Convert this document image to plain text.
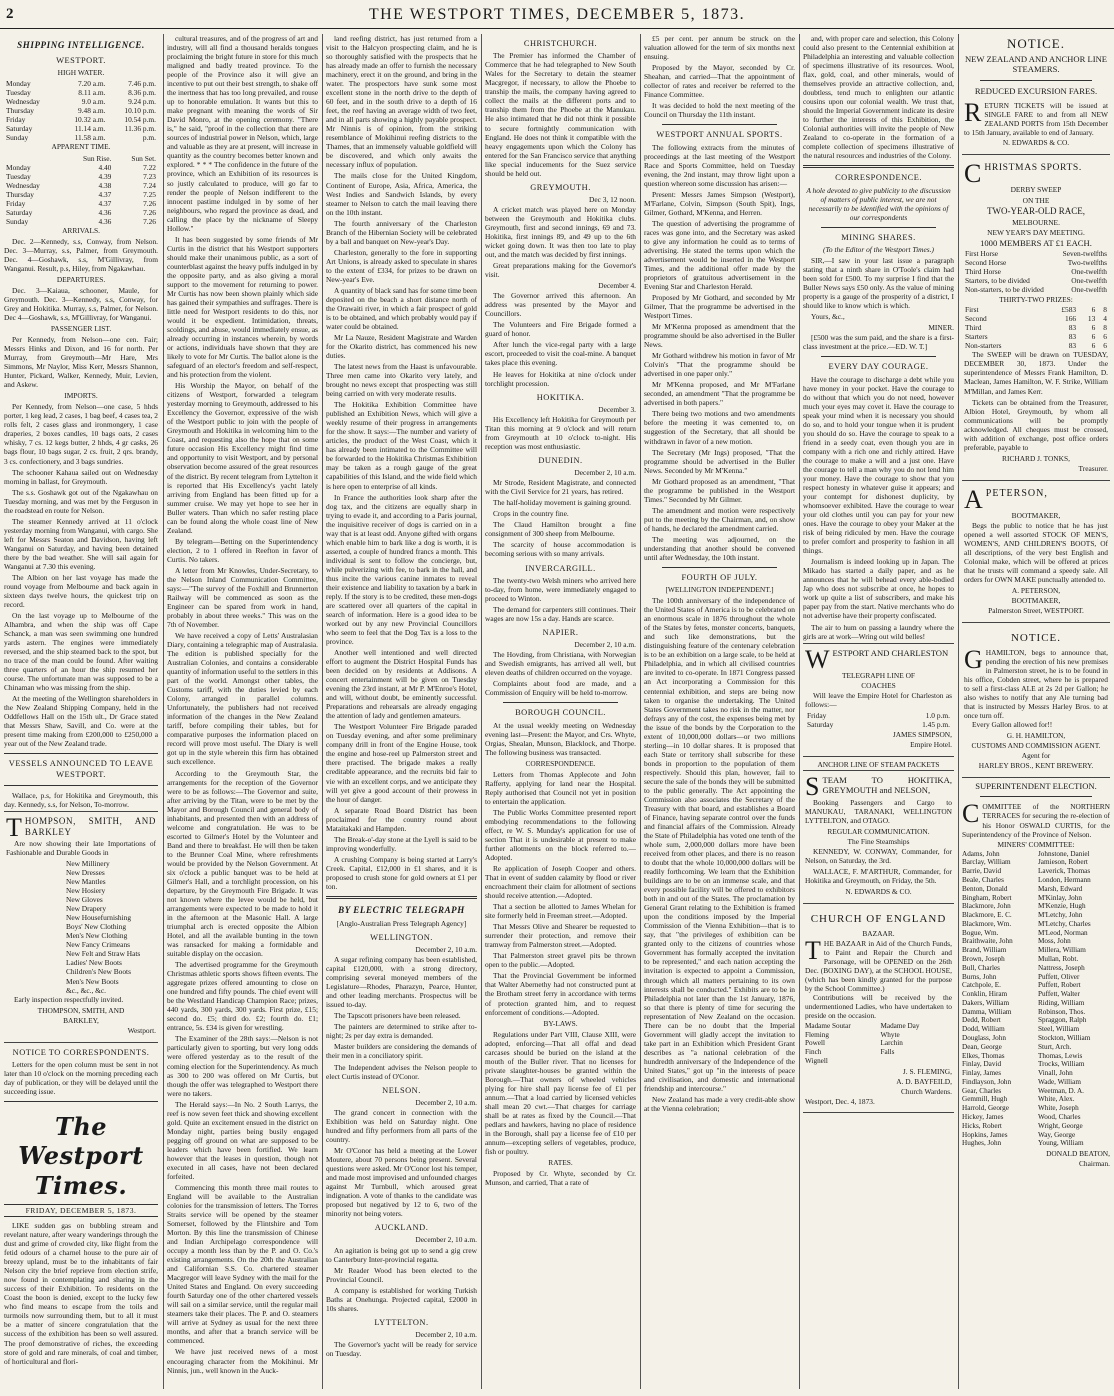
2	THE WESTPORT TIMES, DECEMBER 5, 1873.
SHIPPING INTELLIGENCE.
WESTPORT.
HIGH WATER.
Monday	7.20 a.m.	7.46 p.m.
Tuesday	8.11 a.m.	8.36 p.m.
Wednesday	9.0 a.m.	9.24 p.m.
Thursday	9.48 a.m.	10.10 p.m.
Friday	10.32 a.m.	10.54 p.m.
Saturday	11.14 a.m.	11.36 p.m.
Sunday	11.58 a.m.	p.m.
APPARENT TIME.
	Sun Rise.	Sun Set.
Monday	4.40	7.22
Tuesday	4.39	7.23
Wednesday	4.38	7.24
Thursday	4.37	7.25
Friday	4.37	7.26
Saturday	4.36	7.26
Sunday	4.36	7.26
ARRIVALS.

Dec. 2—Kennedy, s.s, Conway, from Nelson. Dec. 3—Murray, s.s, Palmer, from Greymouth. Dec. 4—Goshawk, s.s, M'Gillivray, from Wanganui. Result, p.s, Hiley, from Ngakawhau.

DEPARTURES.

Dec. 3—Kaiaua, schooner, Maule, for Greymouth. Dec. 3—Kennedy, s.s, Conway, for Grey and Hokitika. Murray, s.s, Palmer, for Nelson. Dec 4—Goshawk, s.s, M'Gillivray, for Wanganui.

PASSENGER LIST.

Per Kennedy, from Nelson—one cen. Fair; Messrs Hinks and Dixon, and 16 for north. Per Murray, from Greymouth—Mr Hare, Mrs Simmons, Mr Naylor, Miss Kerr, Messrs Shannon, Hunter, Pickard, Walker, Kennedy, Muir, Levien, and Askew.

IMPORTS.

Per Kennedy, from Nelson—one case, 5 hhds porter, 1 keg lead, 2 cases, 1 bag beef, 4 cases tea, 2 rolls felt, 2 cases glass and ironmongery, 1 case draperies, 2 boxes candles, 10 bags oats, 2 cases whisky, 7 cs. 12 kegs butter, 2 hhds, 4 gr casks, 26 bags flour, 10 bags sugar, 2 cs. fruit, 2 qrs. brandy, 3 cs. confectionery, and 3 bags sundries.

The schooner Kahaua sailed out on Wednesday morning in ballast, for Greymouth.

The s.s. Goshawk got out of the Ngakawhau on Tuesday morning, and was met by the Ferguson in the roadstead en route for Nelson.

The steamer Kennedy arrived at 11 o'clock yesterday morning from Wanganui, with cargo. She left for Messrs Seaton and Davidson, having left Wanganui on Saturday, and having been detained there by the bad weather. She will sail again for Wanganui at 7.30 this evening.

The Albion on her last voyage has made the round voyage from Melbourne and back again in sixteen days twelve hours, the quickest trip on record.

On the last voyage up to Melbourne of the Alhambra, and when the ship was off Cape Schanck, a man was seen swimming one hundred yards astern. The engines were immediately reversed, and the ship steamed back to the spot, but no trace of the man could be found. After waiting three quarters of an hour the ship resumed her course. The unfortunate man was supposed to be a Chinaman who was missing from the ship.

At the meeting of the Wellington shareholders in the New Zealand Shipping Company, held in the Oddfellows Hall on the 15th ult., Dr Grace stated that Messrs Shaw, Savill, and Co. were at the present time making from £200,000 to £250,000 a year out of the New Zealand trade.

VESSELS ANNOUNCED TO LEAVE WESTPORT.

Wallace, p.s, for Hokitika and Greymouth, this day. Kennedy, s.s, for Nelson, To-morrow.

THOMPSON, SMITH, AND BARKLEY

Are now showing their late Importations of Fashionable and Durable Goods in

New Millinery
New Dresses
New Mantles
New Hosiery
New Gloves
New Drapery
New Housefurnishing
Boys' New Clothing
Men's New Clothing
New Fancy Crimeans
New Felt and Straw Hats
Ladies' New Boots
Children's New Boots
Men's New Boots
&c., &c., &c.

Early inspection respectfully invited.

THOMPSON, SMITH, AND
BARKLEY,
Westport.
NOTICE TO CORRESPONDENTS.

Letters for the open column must be sent in not later than 10 o'clock on the morning preceding each day of publication, or they will be delayed until the succeeding issue.

The Westport Times.
FRIDAY, DECEMBER 5, 1873.

LIKE sudden gas on bubbling stream and revelant nature, after weary wanderings through the dust and grime of crowded city, like flight from the fetid odours of a charnel house to the pure air of breezy upland, must be to the inhabitants of fair Nelson city the brief reprieve from election strife, now found in contemplating and sharing in the success of their Exhibition. To residents on the Coast the boon is denied, except to the lucky few who find means to escape from the toils and turmoils now surrounding them, but to all it must be a matter of sincere congratulation that the success of the exhibition has been so well assured. The proof demonstrative of riches, the exceeding store of gold and rare minerals, of coal and timber, of horticultural and flori-

cultural treasures, and of the progress of art and industry, will all find a thousand heralds tongues proclaiming the bright future in store for this much maligned and badly treated province. To the people of the Province also it will give an incentive to put out their best strength, to shake off the inertness that has too long prevailed, and rouse up to honorable emulation. It wants but this to make pregnant with meaning the words of Sir David Monro, at the opening ceremony. "There is," he said, "proof in the collection that there are sources of industrial power in Nelson, which, large and valuable as they are at present, will increase in quantity as the country becomes better known and explored. * * * The confidence in the future of the province, which an Exhibition of its resources is so justly calculated to produce, will go far to render the people of Nelson indifferent to the innocent pastime indulged in by some of her neighbours, who regard the province as dead, and calling the place by the nickname of Sleepy Hollow."

It has been suggested by some friends of Mr Curtis in the district that his Westport supporters should make their unanimous public, as a sort of counterblast against the heavy puffs indulged in by the opposite party, and as also giving a moral support to the movement for returning to power. Mr Curtis has now been shown plainly which side has gained their sympathies and suffrages. There is little need for Westport residents to do this, nor would it be expedient. Intimidation, threats, scoldings, and abuse, would immediately ensue, as already occurring in instances wherein, by words or actions, individuals have shown that they are likely to vote for Mr Curtis. The ballot alone is the safeguard of an elector's freedom and self-respect, and his protection from the violent.

His Worship the Mayor, on behalf of the citizens of Westport, forwarded a telegram yesterday morning to Greymouth, addressed to his Excellency the Governor, expressive of the wish of the Westport public to join with the people of Greymouth and Hokitika in welcoming him to the Coast, and requesting also the hope that on some future occasion His Excellency might find time and opportunity to visit Westport, and by personal observation become assured of the great resources of the district. By recent telegram from Lyttelton it is reported that His Excellency's yacht lately arriving from England has been fitted up for a summer cruise. We may yet hope to see her in Buller waters. Than which no safer resting place can be found along the whole coast line of New Zealand.

By telegram—Betting on the Superintendency election, 2 to 1 offered in Reefton in favor of Curtis. No takers.

A letter from Mr Knowles, Under-Secretary, to the Nelson Inland Communication Committee, says:—"The survey of the Foxhill and Brunnerton Railway will be commenced as soon as the Engineer can be spared from work in hand, probably in about three weeks." This was on the 7th of November.

We have received a copy of Letts' Australasian Diary, containing a telegraphic map of Australasia. The edition is published specially for the Australian Colonies, and contains a considerable quantity of information useful to the settlers in this part of the world. Amongst other tables, the Customs tariff, with the duties levied by each Colony, arranged in parallel columns. Unfortunately, the publishers had not received information of the changes in the New Zealand tariff, before compiling their tables, but for comparative purposes the information placed on record will prove most useful. The Diary is well got up in the style wherein this firm has obtained such excellence.

According to the Greymouth Star, the arrangements for the reception of the Governor were to be as follows:—The Governor and suite, after arriving by the Titan, were to be met by the Mayor and Borough Council and general body of inhabitants, and presented then with an address of welcome and congratulation. He was to be escorted to Gilmer's Hotel by the Volunteer and Band and there to breakfast. He will then be taken to the Brunner Coal Mine, where refreshments would be provided by the Nelson Government. At six o'clock a public banquet was to be held at Gilmer's Hall, and a torchlight procession, on his departure, by the Greymouth Fire Brigade. It was not known where the levee would be held, but arrangements were expected to be made to hold it in the afternoon at the Masonic Hall. A large triumphal arch is erected opposite the Albion Hotel, and all the available bunting in the town was ransacked for making a formidable and suitable display on the occasion.

The advertised programme for the Greymouth Christmas athletic sports shows fifteen events. The aggregate prizes offered amounting to close on one hundred and fifty pounds. The chief event will be the Westland Handicap Champion Race; prizes, 440 yards, 300 yards, 300 yards. First prize, £15; second do. £5; third do. £2; fourth do. £1; entrance, 5s. £34 is given for wrestling.

The Examiner of the 28th says:—Nelson is not particularly given to sporting, but very long odds were offered yesterday as to the result of the coming election for the Superintendency. As much as 300 to 200 was offered on Mr Curtis, but though the offer was telegraphed to Westport there were no takers.

The Herald says:—In No. 2 South Larrys, the reef is now seven feet thick and showing excellent gold. Quite an excitement ensued in the district on Monday night, parties being busily engaged pegging off ground on what are supposed to be leaders which have been fortified. We learn however that the leases in question, though not executed in all cases, have not been declared forfeited.

Commencing this month three mail routes to England will be available to the Australian colonies for the transmission of letters. The Torres Straits service will be opened by the steamer Somerset, followed by the Flintshire and Tom Morton. By this line the transmission of Chinese and Indian Archipelago correspondence will occupy a month less than by the P. and O. Co.'s existing arrangements. On the 20th the Australian and Californian S.S. Co. chartered steamer Macgregor will leave Sydney with the mail for the United States and England. On every succeeding fourth Saturday one of the other chartered vessels will sail on a similar service, until the regular mail steamers take their places. The P. and O. steamers will arrive at Sydney as usual for the next three months, and after that a branch service will be commenced.

We have just received news of a most encouraging character from the Mokihinui. Mr Ninnis, jun., well known in the Auck-

land reefing district, has just returned from a visit to the Halcyon prospecting claim, and he is so thoroughly satisfied with the prospects that he has already made an offer to furnish the necessary machinery, erect it on the ground, and bring in the water. The prospectors have sunk some most excellent stone in the north drive to the depth of 60 feet, and in the south drive to a depth of 16 feet, the reef having an average width of two feet, and in all parts showing a highly payable prospect. Mr Ninnis is of opinion, from the striking resemblance of Mokihinui reefing districts to the Thames, that an immensely valuable goldfield will be discovered, and which only awaits the necessary influx of population.

The mails close for the United Kingdom, Continent of Europe, Asia, Africa, America, the West Indies and Sandwich Islands, by every steamer to Nelson to catch the mail leaving there on the 10th instant.

The fourth anniversary of the Charleston Branch of the Hibernian Society will be celebrated by a ball and banquet on New-year's Day.

Charleston, generally to the fore in supporting Art Unions, is already asked to speculate in shares to the extent of £334, for prizes to be drawn on New-year's Eve.

A quantity of black sand has for some time been deposited on the beach a short distance north of the Orawaiti river, in which a fair prospect of gold is to be obtained, and which probably would pay if water could be obtained.

Mr La Nauze, Resident Magistrate and Warden for the Okarito district, has commenced his new duties.

The latest news from the Haast is unfavourable. Three men came into Okarito very lately, and brought no news except that prospecting was still being carried on with very moderate results.

The Hokitika Exhibition Committee have published an Exhibition News, which will give a weekly resume of their progress in arrangements for the show. It says:—The number and variety of articles, the product of the West Coast, which it has already been intimated to the Committee will be forwarded to the Hokitika Christmas Exhibition may be taken as a rough gauge of the great capabilities of this Island, and the wide field which is here open to enterprise of all kinds.

In France the authorities look sharp after the dog tax, and the citizens are equally sharp in trying to evade it, and according to a Paris journal, the inquisitive receiver of dogs is carried on in a way that is at least odd. Anyone gifted with organs which enable him to bark like a dog is worth, it is asserted, a couple of hundred francs a month. This individual is sent to follow the concierge, but, while pulverizing with fee, to bark in the hall, and thus incite the various canine inmates to reveal their existence and liability to taxation by a bark in reply. If the story is to be credited, these men-dogs are scattered over all quarters of the capital in search of information. Here is a good idea to be worked out by any new Provincial Councillors who seem to feel that the Dog Tax is a loss to the province.

Another well intentioned and well directed effort to augment the District Hospital Funds has been decided on by residents at Addisons. A concert entertainment will be given on Tuesday evening the 23rd instant, at Mr P. M'Enroe's Hotel, and will, without doubt, be eminently successful. Preparations and rehearsals are already engaging the attention of lady and gentlemen amateurs.

The Westport Volunteer Fire Brigade paraded on Tuesday evening, and after some preliminary company drill in front of the Engine House, took the engine and hose-reel up Palmerston street and there practised. The brigade makes a really creditable appearance, and the recruits bid fair to vie with an excellent corps, and we anticipate they will yet give a good account of their prowess in the hour of danger.

A separate Road Board District has been proclaimed for the country round about Mataitakaki and Hampden.

The Break-o'-day stone at the Lyell is said to be improving wonderfully.

A crushing Company is being started at Larry's Creek. Capital, £12,000 in £1 shares, and it is proposed to crush stone for gold owners at £1 per ton.

BY ELECTRIC TELEGRAPH
[Anglo-Australian Press Telegraph Agency]
WELLINGTON.
December 2, 10 a.m.

A sugar refining company has been established, capital £120,000, with a strong directory, comprising several moneyed members of the Legislature—Rhodes, Pharazyn, Pearce, Hunter, and other leading merchants. Prospectus will be issued to-day.

The Tapscott prisoners have been released.

The painters are determined to strike after to-night; 2s per day extra is demanded.

Master builders are considering the demands of their men in a conciliatory spirit.

The Independent advises the Nelson people to elect Curtis instead of O'Conor.

NELSON.
December 2, 10 a.m.

The grand concert in connection with the Exhibition was held on Saturday night. One hundred and fifty performers from all parts of the country.

Mr O'Conor has held a meeting at the Lower Moutere, about 70 persons being present. Several questions were asked. Mr O'Conor lost his temper, and made most improvised and unfounded charges against Mr Turnbull, which aroused great indignation. A vote of thanks to the candidate was proposed but negatived by 12 to 6, two of the minority not being voters.

AUCKLAND.
December 2, 10 a.m.

An agitation is being got up to send a gig crew to Canterbury Inter-provincial regatta.

Mr Reader Wood has been elected to the Provincial Council.

A company is established for working Turkish Baths at Onehunga. Projected capital, £2000 in 10s shares.

LYTTELTON.
December 2, 10 a.m.

The Governor's yacht will be ready for service on Tuesday.

CHRISTCHURCH.

The Premier has informed the Chamber of Commerce that he had telegraphed to New South Wales for the Secretary to detain the steamer Macgregor, if necessary, to allow the Phoebe to tranship the mails, the company having agreed to collect the mails at the different ports and to tranship them from the Phoebe at the Manukau. He also intimated that he did not think it possible to secure fortnightly communication with England. He does not think it compatible with the heavy engagements upon which the Colony has entered for the San Francisco service that anything like special inducements for the Suez service should be held out.

GREYMOUTH.
Dec 3, 12 noon.

A cricket match was played here on Monday between the Greymouth and Hokitika clubs. Greymouth, first and second innings, 69 and 73. Hokitika, first innings 89, and 49 up to the 6th wicket going down. It was then too late to play out, and the match was decided by first innings.

Great preparations making for the Governor's visit.

December 4.

The Governor arrived this afternoon. An address was presented by the Mayor and Councillors.

The Volunteers and Fire Brigade formed a guard of honor.

After lunch the vice-regal party with a large escort, proceeded to visit the coal-mine. A banquet takes place this evening.

He leaves for Hokitika at nine o'clock under torchlight procession.

HOKITIKA.
December 3.

His Excellency left Hokitika for Greymouth per Titan this morning at 9 o'clock and will return from Greymouth at 10 o'clock to-night. His reception was most enthusiastic.

DUNEDIN.
December 2, 10 a.m.

Mr Strode, Resident Magistrate, and connected with the Civil Service for 21 years, has retired.

The half-holiday movement is gaining ground.

Crops in the country fine.

The Claud Hamilton brought a fine consignment of 300 sheep from Melbourne.

The scarcity of house accommodation is becoming serious with so many arrivals.

INVERCARGILL.

The twenty-two Welsh miners who arrived here to-day, from home, were immediately engaged to proceed to Winton.

The demand for carpenters still continues. Their wages are now 15s a day. Hands are scarce.

NAPIER.
December 2, 10 a.m.

The Hovding, from Christiana, with Norwegian and Swedish emigrants, has arrived all well, but eleven deaths of children occurred on the voyage.

Complaints about food are made, and a Commission of Enquiry will be held to-morrow.

BOROUGH COUNCIL.

At the usual weekly meeting on Wednesday evening last—Present: the Mayor, and Crs. Whyte, Orgias, Shealan, Munson, Blacklock, and Thorpe. The following business was transacted.

CORRESPONDENCE.

Letters from Thomas Applecote and John Rafferty, applying for land near the Hospital. Reply authorised that Council not yet in position to entertain the application.

The Public Works Committee presented report embodying recommendations to the following effect, re W. S. Munday's application for use of section That it is undesirable at present to make further allotments on the block referred to.—Adopted.

Re application of Joseph Cooper and others. That in event of sudden calamity by flood or river encroachment their claim for allotment of sections should receive attention.—Adopted.

That a section be allotted to James Whelan for site formerly held in Freeman street.—Adopted.

That Messrs Olive and Shearer be requested to surrender their protection, and remove their tramway from Palmerston street.—Adopted.

That Palmerston street gravel pits be thrown open to the public.—Adopted.

That the Provincial Government be informed that Walter Abernethy had not constructed punt at the Brotham street ferry in accordance with terms of protection granted him, and to request enforcement of conditions.—Adopted.

BY-LAWS.

Regulations under Part VIII, Clause XIII, were adopted, enforcing—That all offal and dead carcases should be buried on the island at the mouth of the Buller river. That no licenses for private slaughter-houses be granted within the Borough.—That owners of wheeled vehicles plying for hire shall pay license fee of £1 per annum.—That a load carried by licensed vehicles shall mean 20 cwt.—That charges for carriage shall be at rates as fixed by the Council.—That pedlars and hawkers, having no place of residence in the Borough, shall pay a license fee of £10 per annum—excepting sellers of vegetables, produce, fish or poultry.

RATES.

Proposed by Cr. Whyte, seconded by Cr. Munson, and carried, That a rate of

£5 per cent. per annum be struck on the valuation allowed for the term of six months next ensuing.

Proposed by the Mayor, seconded by Cr. Sheahan, and carried—That the appointment of collector of rates and receiver be referred to the Finance Committee.

It was decided to hold the next meeting of the Council on Thursday the 11th instant.

WESTPORT ANNUAL SPORTS.

The following extracts from the minutes of proceedings at the last meeting of the Westport Race and Sports Committee, held on Tuesday evening, the 2nd instant, may throw light upon a question whereon some discussion has arisen:—

Present: Messrs James Simpson (Westport), M'Farlane, Colvin, Simpson (South Spit), Ings, Gilmer, Gothard, M'Kenna, and Herren.

The question of advertising the programme of races was gone into, and the Secretary was asked to give any information he could as to terms of advertising. He stated the terms upon which the advertisement would be inserted in the Westport Times, and the additional offer made by the proprietors of gratuitous advertisement in the Evening Star and Charleston Herald.

Proposed by Mr Gothard, and seconded by Mr Gilmer, That the programme be advertised in the Westport Times.

Mr M'Kenna proposed as amendment that the programme should be also advertised in the Buller News.

Mr Gothard withdrew his motion in favor of Mr Colvin's "That the programme should be advertised in one paper only."

Mr M'Kenna proposed, and Mr M'Farlane seconded, an amendment "That the programme be advertised in both papers."

There being two motions and two amendments before the meeting it was cemented to, on suggestion of the Secretary, that all should be withdrawn in favor of a new motion.

The Secretary (Mr Ings) proposed, "That the programme should be advertised in the Buller News. Seconded by Mr M'Kenna."

Mr Gothard proposed as an amendment, "That the programme be published in the Westport Times." Seconded by Mr Gilmer.

The amendment and motion were respectively put to the meeting by the Chairman, and, on show of hands, he declared the amendment carried.

The meeting was adjourned, on the understanding that another should be convened until after Wednesday, the 10th instant.

FOURTH OF JULY.
[WELLINGTON INDEPENDENT.]

The 100th anniversary of the independence of the United States of America is to be celebrated on an enormous scale in 1876 throughout the whole of the States by fetes, monster concerts, banquets, and such like demonstrations, but the distinguishing feature of the centenary celebration is to be an exhibition on a large scale, to be held at Philadelphia, and in which all civilised countries are invited to co-operate. In 1871 Congress passed an Act incorporating a Commission for this centennial exhibition, and steps are being now taken to organise the undertaking. The United States Government takes no risk in the matter, nor defrays any of the cost, the expenses being met by the issue of the bonds by the Corporation to the extent of 10,000,000 dollars—or two millions sterling—in 10 dollar shares. It is proposed that each State or territory shall subscribe for these bonds in proportion to the population of them respectively. Should this plan, however, fail to secure the sale of the bonds they will be submitted to the public generally. The Act appointing the Commission also associates the Secretary of the Treasury with that board, and establishes a Board of Finance, having separate control over the funds and financial affairs of the Commission. Already the State of Philadelphia has voted one tenth of the whole sum, 2,000,000 dollars more have been received from other places, and there is no reason to doubt that the whole 10,000,000 dollars will be readily forthcoming. We learn that the Exhibition buildings are to be on an immense scale, and that every possible facility will be offered to exhibitors both in and out of the States. The proclamation by General Grant relating to the Exhibition is framed upon the conditions imposed by the Imperial Commission of the Vienna Exhibition—that is to say, that "the privileges of exhibition can be granted only to the citizens of countries whose Government has formally accepted the invitation to be represented," and each nation accepting the invitation is expected to appoint a Commission, through which all matters pertaining to its own interests shall be conducted." Exhibits are to be in Philadelphia not later than the 1st January, 1876, so that there is plenty of time for securing the representation of New Zealand on the occasion. There can be no doubt that the Imperial Government will gladly accept the invitation to take part in an Exhibition which President Grant describes as "a national celebration of the hundredth anniversary of the Independence of the United States," got up "in the interests of peace and civilisation, and domestic and international friendship and intercourse."

New Zealand has made a very credit-able show at the Vienna celebration;

and, with proper care and selection, this Colony could also present to the Centennial exhibition at Philadelphia an interesting and valuable collection of specimens illustrative of its resources. Wool, flax, gold, coal, and other minerals, would of themselves provide an attractive collection, and, doubtless, tend much to enlighten our atlantic cousins upon our colonial wealth. We trust that, should the Imperial Government indicate its desire to further the interests of this Exhibition, the Colonial authorities will invite the people of New Zealand to co-operate in the formation of a complete collection of specimens illustrative of the natural resources and industries of the Colony.

CORRESPONDENCE.
A hole devoted to give publicity to the discussion of matters of public interest, we are not necessarily to be identified with the opinions of our correspondents
MINING SHARES.
(To the Editor of the Westport Times.)

SIR,—I saw in your last issue a paragraph stating that a ninth share in O'Toole's claim had been sold for £500. To my surprise I find that the Buller News says £50 only. As the value of mining property is a gauge of the prosperity of a district, I should like to know which is which.

Yours, &c.,

MINER.

[£500 was the sum paid, and the share is a first-class investment at the price.—ED. W. T.]

EVERY DAY COURAGE.

Have the courage to discharge a debt while you have money in your pocket. Have the courage to do without that which you do not need, however much your eyes may covet it. Have the courage to speak your mind when it is necessary you should do so, and to hold your tongue when it is prudent you should do so. Have the courage to speak to a friend in a seedy coat, even though you are in company with a rich one and richly attired. Have the courage to make a will and a just one. Have the courage to tell a man why you do not lend him your money. Have the courage to show that you respect honesty in whatever guise it appears; and your contempt for dishonest duplicity, by whomsoever exhibited. Have the courage to wear your old clothes until you can pay for your new ones. Have the courage to obey your Maker at the risk of being ridiculed by men. Have the courage to prefer comfort and prosperity to fashion in all things.

Journalism is indeed looking up in Japan. The Mikado has started a daily paper, and as he announces that he will behead every able-bodied Jap who does not subscribe at once, he hopes to work up quite a list of subscribers, and make his paper pay from the start. Native merchants who do not advertise have their property confiscated.

The air to hum on passing a laundry where the girls are at work—Wring out wild belles!

WESTPORT AND CHARLESTON
TELEGRAPH LINE OF
COACHES

Will leave the Empire Hotel for Charleston as follows:—

Friday	1.0 p.m.
Saturday	1.45 p.m.
JAMES SIMPSON,
Empire Hotel.
ANCHOR LINE OF STEAM PACKETS
STEAM TO HOKITIKA, GREYMOUTH and NELSON,

Booking Passengers and Cargo to MANUKAU, TARANAKI, WELLINGTON LYTTELTON, and OTAGO.

REGULAR COMMUNICATION.
The Fine Steamships

KENNEDY, W. CONWAY, Commander, for Nelson, on Saturday, the 3rd.

WALLACE, F. M'ARTHUR, Commander, for Hokitika and Greymouth, on Friday, the 5th.

N. EDWARDS & CO.
CHURCH OF ENGLAND
BAZAAR.
THE BAZAAR in Aid of the Church Funds, to Paint and Repair the Church and Parsonage, will be OPENED on the 26th Dec. (BOXING DAY), at the SCHOOL HOUSE, (which has been kindly granted for the purpose by the School Committee.)

Contributions will be received by the undermentioned Ladies, who have undertaken to preside on the occasion.

Madame Soutar
Fleming
Powell
Finch
Wignell
Madame Day
Whyte
Larchin
Falls
J. S. FLEMING,
A. D. BAYFEILD,
Church Wardens.
Westport, Dec. 4, 1873.
NOTICE.
NEW ZEALAND AND ANCHOR LINE STEAMERS.
REDUCED EXCURSION FARES.
RETURN TICKETS will be issued at SINGLE FARE to and from all NEW ZEALAND PORTS from 15th December to 15th January, available to end of January.
N. EDWARDS & CO.
CHRISTMAS SPORTS.
DERBY SWEEP
ON THE
TWO-YEAR-OLD RACE,
MELBOURNE.
NEW YEAR'S DAY MEETING.
1000 MEMBERS AT £1 EACH.
First Horse	Seven-twelfths
Second Horse	Two-twelfths
Third Horse	One-twelfth
Starters, to be divided	One-twelfth
Non-starters, to be divided	One-twelfth
THIRTY-TWO PRIZES:
First	£583	6	8
Second	166	13	4
Third	83	6	8
Starters	83	6	6
Non-starters	83	6	6

The SWEEP will be drawn on TUESDAY, DECEMBER 30, 1873. Under the superintendence of Messrs Frank Hamilton, D. Maclean, James Hamilton, W. F. Strike, William M'Millan, and James Kerr.

Tickets can be obtained from the Treasurer, Albion Hotel, Greymouth, by whom all communications will be promptly acknowledged. All cheques must be crossed, with addition of exchange, post office orders preferable, payable to

RICHARD J. TONKS,
Treasurer.
APETERSON,
BOOTMAKER,

Begs the public to notice that he has just opened a well assorted STOCK OF MEN'S, WOMEN'S, AND CHILDREN'S BOOTS, Of all descriptions, of the very best English and Colonial make, which will be offered at prices that he trusts will command a speedy sale. All orders for OWN MAKE punctually attended to.

A. PETERSON,
BOOTMAKER,
Palmerston Street, WESTPORT.
NOTICE.
GHAMILTON, begs to announce that, pending the erection of his new premises in Palmerston street, he is to be found in his office, Cobden street, where he is prepared to sell a first-class ALE at 2s 2d per Gallon; he also wishes to notify that any Ale turning bad that is instructed by Messrs Harley Bros. to at once turn off.

Every Gallon allowed for!!

G. H. HAMILTON,
CUSTOMS AND COMMISSION AGENT.
Agent for
HARLEY BROS., KENT BREWERY.
SUPERINTENDENT ELECTION.
COMMITTEE of the NORTHERN TERRACES for securing the re-election of his Honor OSWALD CURTIS, for the Superintendency of the Province of Nelson.
MINERS' COMMITTEE:
Adams, John
Barclay, William
Barrie, David
Beale, Charles
Benton, Donald
Bingham, Robert
Blackmore, John
Blackmore, E. C.
Blackmore, Wm.
Bogue, Wm.
Braithwaite, John
Brand, William
Brown, Joseph
Bull, Charles
Burns, John
Catchpole, E.
Conklin, Hiram
Dakers, William
Damma, William
Dedd, Robert
Dodd, William
Douglass, John
Dean, George
Elkes, Thomas
Finlay, David
Finlay, James
Findlayson, John
Gear, Charles
Gemmill, Hugh
Harrold, George
Hickey, James
Hicks, Robert
Hopkins, James
Hughes, John
Johnstone, Daniel
Jamieson, Robert
Laverick, Thomas
London, Hermann
Marsh, Edward
M'Kinlay, John
M'Kenzie, Hugh
M'Letchy, John
M'Letchy, Charles
M'Leod, Norman
Moss, John
Millera, William
Mullan, Robt.
Nattress, Joseph
Puffett, Oliver
Puffett, Robert
Puffett, Walter
Riding, William
Robinson, Thos.
Spraggon, Ralph
Steel, William
Stockton, William
Sturt, Arch.
Thomas, Lewis
Trocks, William
Vinall, John
Wade, William
Weetman, D. A.
White, Alex.
White, Joseph
Wood, Charles
Wright, George
Way, George
Young, William
DONALD BEATON,
Chairman.
